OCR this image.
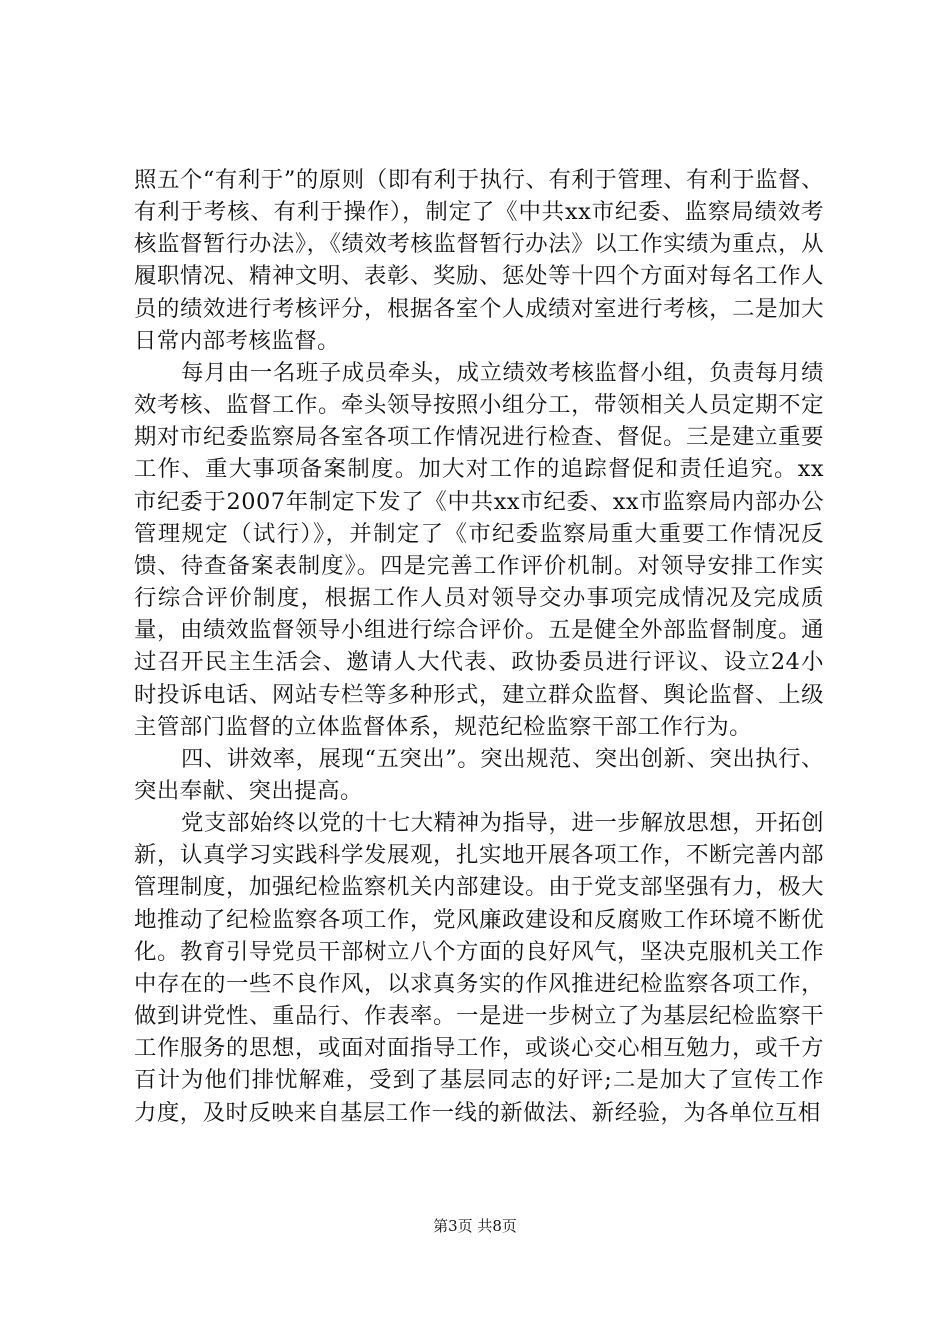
照五个“有利于”的原则（即有利于执行、有利于管理、有利于监督、有利于考核、有利于操作），制定了《中共xx市纪委、监察局绩效考核监督暂行办法》，《绩效考核监督暂行办法》以工作实绩为重点，从履职情况、精神文明、表彰、奖励、惩处等十四个方面对每名工作人员的绩效进行考核评分，根据各室个人成绩对室进行考核，二是加大日常内部考核监督。

每月由一名班子成员牵头，成立绩效考核监督小组，负责每月绩效考核、监督工作。牵头领导按照小组分工，带领相关人员定期不定期对市纪委监察局各室各项工作情况进行检查、督促。三是建立重要工作、重大事项备案制度。加大对工作的追踪督促和责任追究。xx市纪委于2007年制定下发了《中共xx市纪委、xx市监察局内部办公管理规定（试行）》，并制定了《市纪委监察局重大重要工作情况反馈、待查备案表制度》。四是完善工作评价机制。对领导安排工作实行综合评价制度，根据工作人员对领导交办事项完成情况及完成质量，由绩效监督领导小组进行综合评价。五是健全外部监督制度。通过召开民主生活会、邀请人大代表、政协委员进行评议、设立24小时投诉电话、网站专栏等多种形式，建立群众监督、舆论监督、上级主管部门监督的立体监督体系，规范纪检监察干部工作行为。

四、讲效率，展现“五突出”。突出规范、突出创新、突出执行、突出奉献、突出提高。

党支部始终以党的十七大精神为指导，进一步解放思想，开拓创新，认真学习实践科学发展观，扎实地开展各项工作，不断完善内部管理制度，加强纪检监察机关内部建设。由于党支部坚强有力，极大地推动了纪检监察各项工作，党风廉政建设和反腐败工作环境不断优化。教育引导党员干部树立八个方面的良好风气，坚决克服机关工作中存在的一些不良作风，以求真务实的作风推进纪检监察各项工作，做到讲党性、重品行、作表率。一是进一步树立了为基层纪检监察干工作服务的思想，或面对面指导工作，或谈心交心相互勉力，或千方百计为他们排忧解难，受到了基层同志的好评;二是加大了宣传工作力度，及时反映来自基层工作一线的新做法、新经验，为各单位互相

第3页 共8页
